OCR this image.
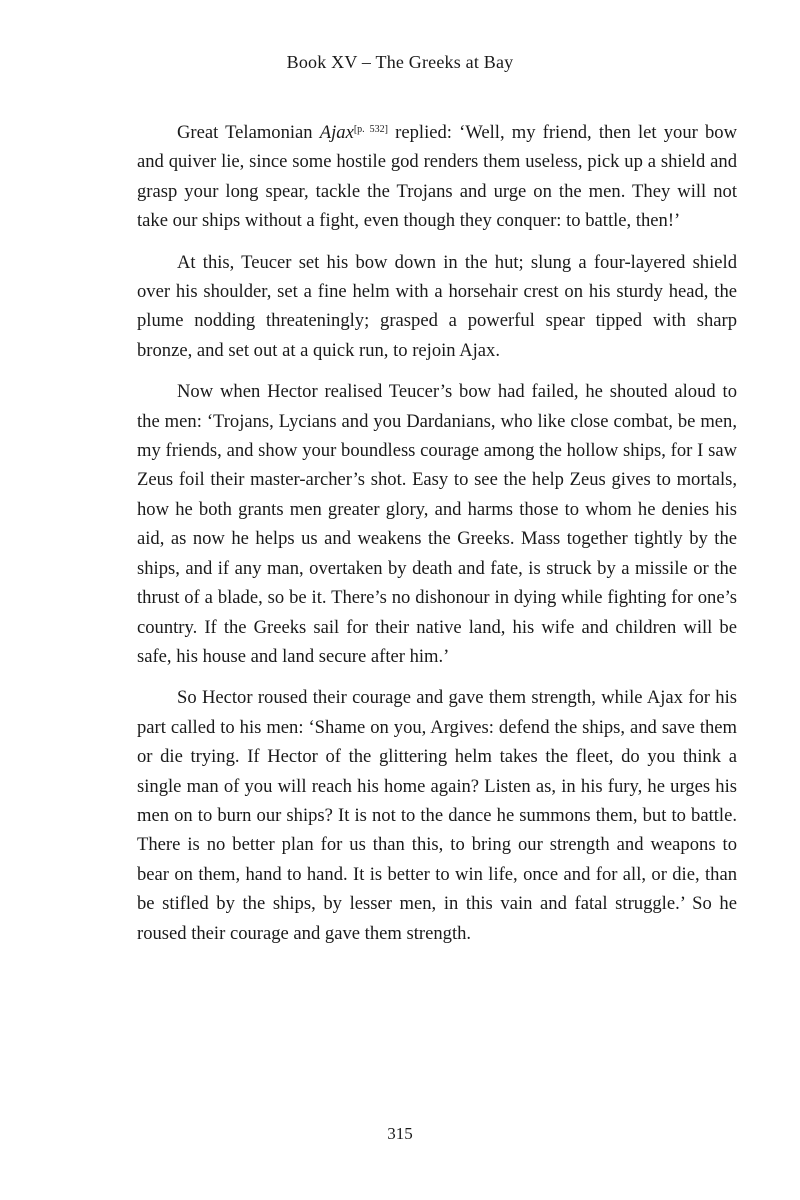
Book XV – The Greeks at Bay

Great Telamonian Ajax[p. 532] replied: ‘Well, my friend, then let your bow and quiver lie, since some hostile god renders them useless, pick up a shield and grasp your long spear, tackle the Trojans and urge on the men. They will not take our ships without a fight, even though they conquer: to battle, then!’

At this, Teucer set his bow down in the hut; slung a four-layered shield over his shoulder, set a fine helm with a horsehair crest on his sturdy head, the plume nodding threateningly; grasped a powerful spear tipped with sharp bronze, and set out at a quick run, to rejoin Ajax.

Now when Hector realised Teucer’s bow had failed, he shouted aloud to the men: ‘Trojans, Lycians and you Dardanians, who like close combat, be men, my friends, and show your boundless courage among the hollow ships, for I saw Zeus foil their master-archer’s shot. Easy to see the help Zeus gives to mortals, how he both grants men greater glory, and harms those to whom he denies his aid, as now he helps us and weakens the Greeks. Mass together tightly by the ships, and if any man, overtaken by death and fate, is struck by a missile or the thrust of a blade, so be it. There’s no dishonour in dying while fighting for one’s country. If the Greeks sail for their native land, his wife and children will be safe, his house and land secure after him.’

So Hector roused their courage and gave them strength, while Ajax for his part called to his men: ‘Shame on you, Argives: defend the ships, and save them or die trying. If Hector of the glittering helm takes the fleet, do you think a single man of you will reach his home again? Listen as, in his fury, he urges his men on to burn our ships? It is not to the dance he summons them, but to battle. There is no better plan for us than this, to bring our strength and weapons to bear on them, hand to hand. It is better to win life, once and for all, or die, than be stifled by the ships, by lesser men, in this vain and fatal struggle.’ So he roused their courage and gave them strength.

315
